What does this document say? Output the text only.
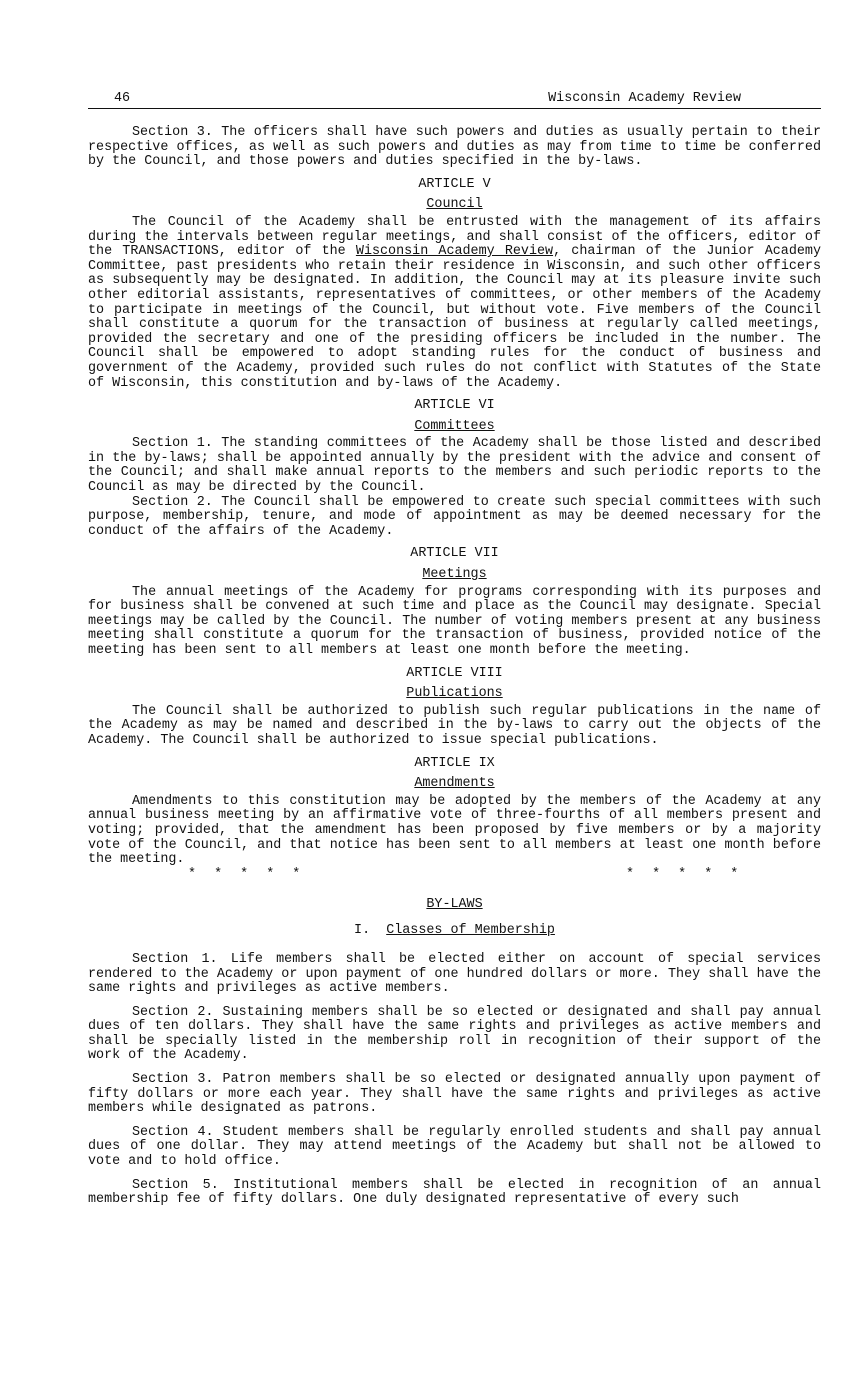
46	Wisconsin Academy Review

Section 3. The officers shall have such powers and duties as usually pertain to their respective offices, as well as such powers and duties as may from time to time be conferred by the Council, and those powers and duties specified in the by-laws.

ARTICLE V
Council

The Council of the Academy shall be entrusted with the management of its affairs during the intervals between regular meetings, and shall consist of the officers, editor of the TRANSACTIONS, editor of the Wisconsin Academy Review, chairman of the Junior Academy Committee, past presidents who retain their residence in Wisconsin, and such other officers as subsequently may be designated. In addition, the Council may at its pleasure invite such other editorial assistants, representatives of committees, or other members of the Academy to participate in meetings of the Council, but without vote. Five members of the Council shall constitute a quorum for the transaction of business at regularly called meetings, provided the secretary and one of the presiding officers be included in the number. The Council shall be empowered to adopt standing rules for the conduct of business and government of the Academy, provided such rules do not conflict with Statutes of the State of Wisconsin, this constitution and by-laws of the Academy.

ARTICLE VI
Committees

Section 1. The standing committees of the Academy shall be those listed and described in the by-laws; shall be appointed annually by the president with the advice and consent of the Council; and shall make annual reports to the members and such periodic reports to the Council as may be directed by the Council.

Section 2. The Council shall be empowered to create such special committees with such purpose, membership, tenure, and mode of appointment as may be deemed necessary for the conduct of the affairs of the Academy.

ARTICLE VII
Meetings

The annual meetings of the Academy for programs corresponding with its purposes and for business shall be convened at such time and place as the Council may designate. Special meetings may be called by the Council. The number of voting members present at any business meeting shall constitute a quorum for the transaction of business, provided notice of the meeting has been sent to all members at least one month before the meeting.

ARTICLE VIII
Publications

The Council shall be authorized to publish such regular publications in the name of the Academy as may be named and described in the by-laws to carry out the objects of the Academy. The Council shall be authorized to issue special publications.

ARTICLE IX
Amendments

Amendments to this constitution may be adopted by the members of the Academy at any annual business meeting by an affirmative vote of three-fourths of all members present and voting; provided, that the amendment has been proposed by five members or by a majority vote of the Council, and that notice has been sent to all members at least one month before the meeting.

* * * * *	* * * * *
BY-LAWS
I. Classes of Membership

Section 1. Life members shall be elected either on account of special services rendered to the Academy or upon payment of one hundred dollars or more. They shall have the same rights and privileges as active members.

Section 2. Sustaining members shall be so elected or designated and shall pay annual dues of ten dollars. They shall have the same rights and privileges as active members and shall be specially listed in the membership roll in recognition of their support of the work of the Academy.

Section 3. Patron members shall be so elected or designated annually upon payment of fifty dollars or more each year. They shall have the same rights and privileges as active members while designated as patrons.

Section 4. Student members shall be regularly enrolled students and shall pay annual dues of one dollar. They may attend meetings of the Academy but shall not be allowed to vote and to hold office.

Section 5. Institutional members shall be elected in recognition of an annual membership fee of fifty dollars. One duly designated representative of every such
